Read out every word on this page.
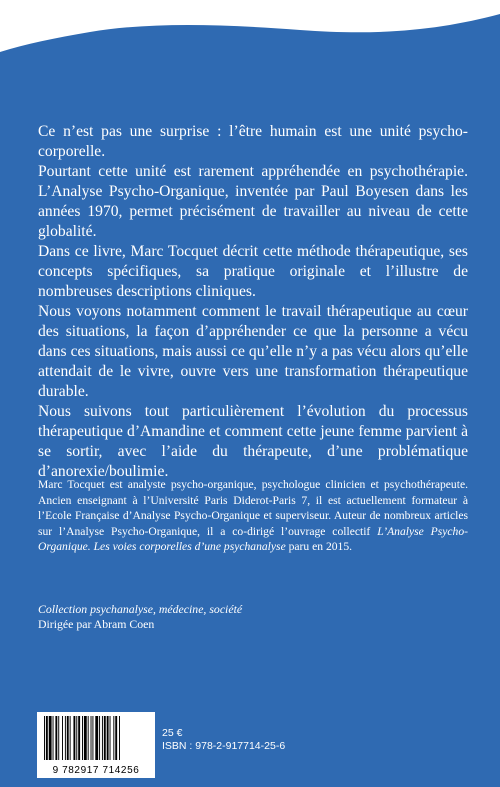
Ce n’est pas une surprise : l’être humain est une unité psycho-corporelle.

Pourtant cette unité est rarement appréhendée en psychothérapie. L’Analyse Psycho-Organique, inventée par Paul Boyesen dans les années 1970, permet précisément de travailler au niveau de cette globalité.

Dans ce livre, Marc Tocquet décrit cette méthode thérapeutique, ses concepts spécifiques, sa pratique originale et l’illustre de nombreuses descriptions cliniques.

Nous voyons notamment comment le travail thérapeutique au cœur des situations, la façon d’appréhender ce que la personne a vécu dans ces situations, mais aussi ce qu’elle n’y a pas vécu alors qu’elle attendait de le vivre, ouvre vers une transformation thérapeutique durable.

Nous suivons tout particulièrement l’évolution du processus thérapeutique d’Amandine et comment cette jeune femme parvient à se sortir, avec l’aide du thérapeute, d’une problématique d’anorexie/boulimie.

Marc Tocquet est analyste psycho-organique, psychologue clinicien et psychothérapeute. Ancien enseignant à l’Université Paris Diderot-Paris 7, il est actuellement formateur à l’Ecole Française d’Analyse Psycho-Organique et superviseur. Auteur de nombreux articles sur l’Analyse Psycho-Organique, il a co-dirigé l’ouvrage collectif L’Analyse Psycho-Organique. Les voies corporelles d’une psychanalyse paru en 2015.

Collection psychanalyse, médecine, société
Dirigée par Abram Coen
9 782917 714256
25 €
ISBN : 978-2-917714-25-6
